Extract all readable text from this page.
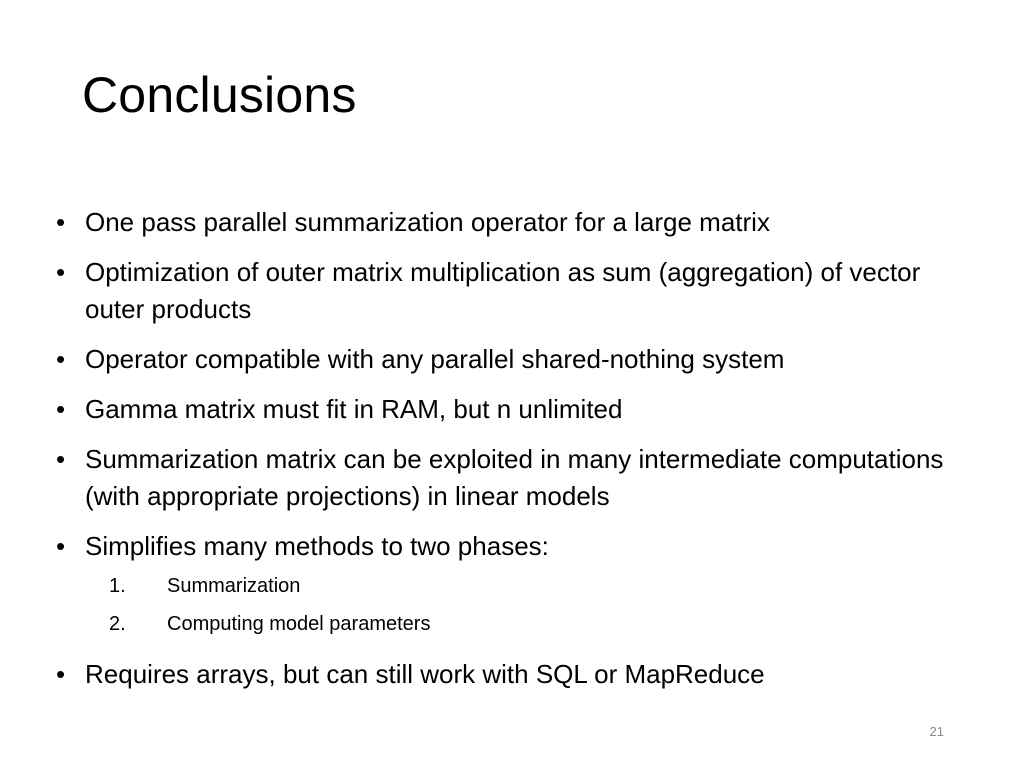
Conclusions
• One pass parallel summarization operator for a large matrix
• Optimization of outer matrix multiplication as sum (aggregation) of vector outer products
• Operator compatible with any parallel shared-nothing system
• Gamma matrix must fit in RAM, but n unlimited
• Summarization matrix can be exploited in many intermediate computations (with appropriate projections) in linear models
• Simplifies many methods to two phases:
1. Summarization
2. Computing model parameters
• Requires arrays, but can still work with SQL or MapReduce
21
